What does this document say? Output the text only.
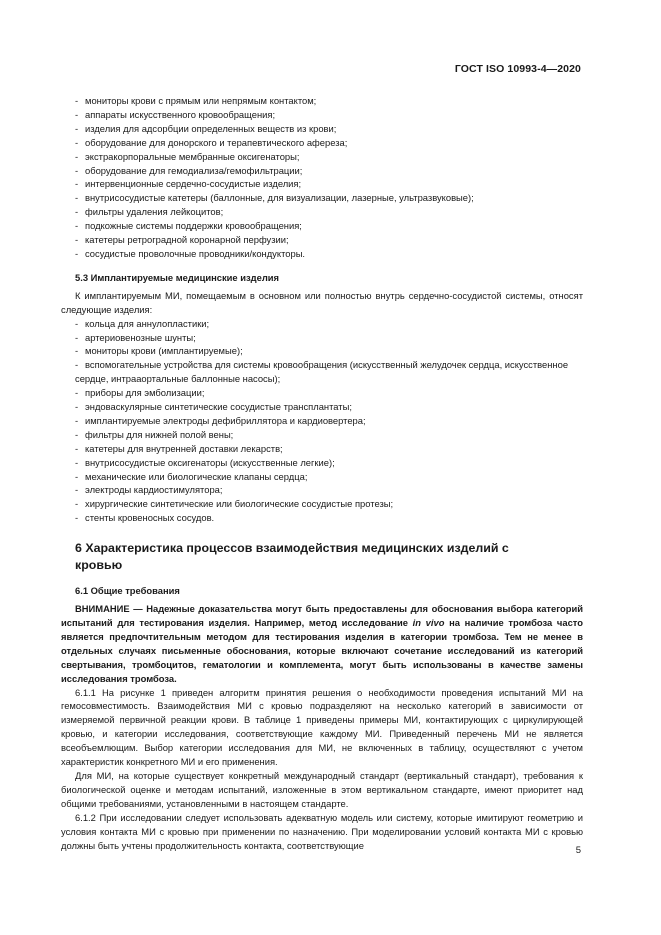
ГОСТ ISO 10993-4—2020
- мониторы крови с прямым или непрямым контактом;
- аппараты искусственного кровообращения;
- изделия для адсорбции определенных веществ из крови;
- оборудование для донорского и терапевтического афереза;
- экстракорпоральные мембранные оксигенаторы;
- оборудование для гемодиализа/гемофильтрации;
- интервенционные сердечно-сосудистые изделия;
- внутрисосудистые катетеры (баллонные, для визуализации, лазерные, ультразвуковые);
- фильтры удаления лейкоцитов;
- подкожные системы поддержки кровообращения;
- катетеры ретроградной коронарной перфузии;
- сосудистые проволочные проводники/кондукторы.
5.3 Имплантируемые медицинские изделия
К имплантируемым МИ, помещаемым в основном или полностью внутрь сердечно-сосудистой системы, относят следующие изделия:
- кольца для аннулопластики;
- артериовенозные шунты;
- мониторы крови (имплантируемые);
- вспомогательные устройства для системы кровообращения (искусственный желудочек сердца, искусственное сердце, интрааортальные баллонные насосы);
- приборы для эмболизации;
- эндоваскулярные синтетические сосудистые трансплантаты;
- имплантируемые электроды дефибриллятора и кардиовертера;
- фильтры для нижней полой вены;
- катетеры для внутренней доставки лекарств;
- внутрисосудистые оксигенаторы (искусственные легкие);
- механические или биологические клапаны сердца;
- электроды кардиостимулятора;
- хирургические синтетические или биологические сосудистые протезы;
- стенты кровеносных сосудов.
6 Характеристика процессов взаимодействия медицинских изделий с кровью
6.1 Общие требования
ВНИМАНИЕ — Надежные доказательства могут быть предоставлены для обоснования выбора категорий испытаний для тестирования изделия. Например, метод исследование in vivo на наличие тромбоза часто является предпочтительным методом для тестирования изделия в категории тромбоза. Тем не менее в отдельных случаях письменные обоснования, которые включают сочетание исследований из категорий свертывания, тромбоцитов, гематологии и комплемента, могут быть использованы в качестве замены исследования тромбоза.
6.1.1 На рисунке 1 приведен алгоритм принятия решения о необходимости проведения испытаний МИ на гемосовместимость. Взаимодействия МИ с кровью подразделяют на несколько категорий в зависимости от измеряемой первичной реакции крови. В таблице 1 приведены примеры МИ, контактирующих с циркулирующей кровью, и категории исследования, соответствующие каждому МИ. Приведенный перечень МИ не является всеобъемлющим. Выбор категории исследования для МИ, не включенных в таблицу, осуществляют с учетом характеристик конкретного МИ и его применения.
Для МИ, на которые существует конкретный международный стандарт (вертикальный стандарт), требования к биологической оценке и методам испытаний, изложенные в этом вертикальном стандарте, имеют приоритет над общими требованиями, установленными в настоящем стандарте.
6.1.2 При исследовании следует использовать адекватную модель или систему, которые имитируют геометрию и условия контакта МИ с кровью при применении по назначению. При моделировании условий контакта МИ с кровью должны быть учтены продолжительность контакта, соответствующие	5
